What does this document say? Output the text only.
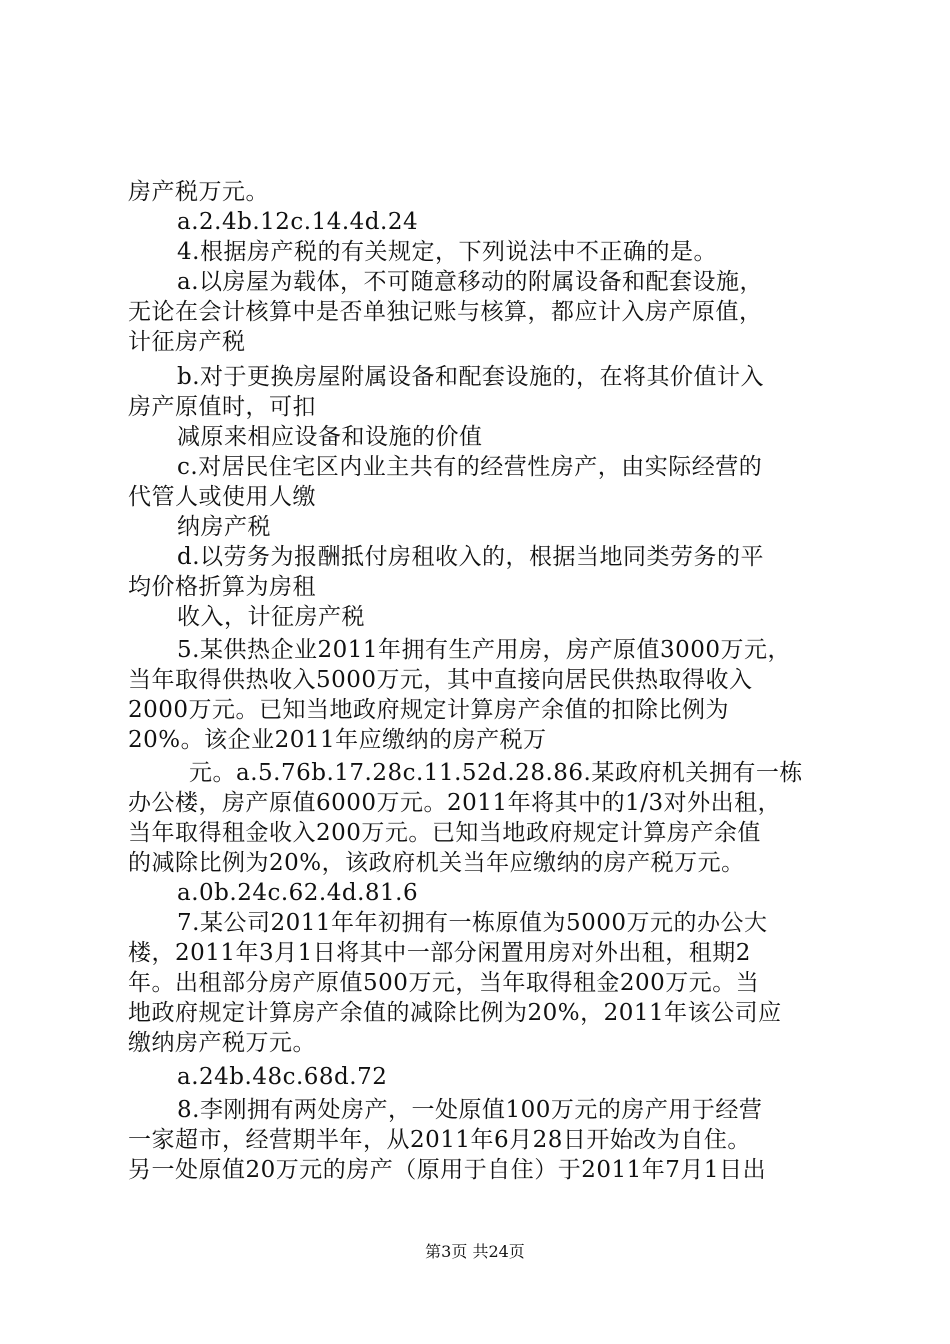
房产税万元。
a.2.4b.12c.14.4d.24
4.根据房产税的有关规定，下列说法中不正确的是。
a.以房屋为载体，不可随意移动的附属设备和配套设施，
无论在会计核算中是否单独记账与核算，都应计入房产原值，
计征房产税
b.对于更换房屋附属设备和配套设施的，在将其价值计入
房产原值时，可扣
减原来相应设备和设施的价值
c.对居民住宅区内业主共有的经营性房产，由实际经营的
代管人或使用人缴
纳房产税
d.以劳务为报酬抵付房租收入的，根据当地同类劳务的平
均价格折算为房租
收入，计征房产税
5.某供热企业2011年拥有生产用房，房产原值3000万元，
当年取得供热收入5000万元，其中直接向居民供热取得收入
2000万元。已知当地政府规定计算房产余值的扣除比例为
20%。该企业2011年应缴纳的房产税万
元。a.5.76b.17.28c.11.52d.28.86.某政府机关拥有一栋
办公楼，房产原值6000万元。2011年将其中的1/3对外出租，
当年取得租金收入200万元。已知当地政府规定计算房产余值
的减除比例为20%，该政府机关当年应缴纳的房产税万元。
a.0b.24c.62.4d.81.6
7.某公司2011年年初拥有一栋原值为5000万元的办公大
楼，2011年3月1日将其中一部分闲置用房对外出租，租期2
年。出租部分房产原值500万元，当年取得租金200万元。当
地政府规定计算房产余值的减除比例为20%，2011年该公司应
缴纳房产税万元。
a.24b.48c.68d.72
8.李刚拥有两处房产，一处原值100万元的房产用于经营
一家超市，经营期半年，从2011年6月28日开始改为自住。
另一处原值20万元的房产（原用于自住）于2011年7月1日出
第3页 共24页
